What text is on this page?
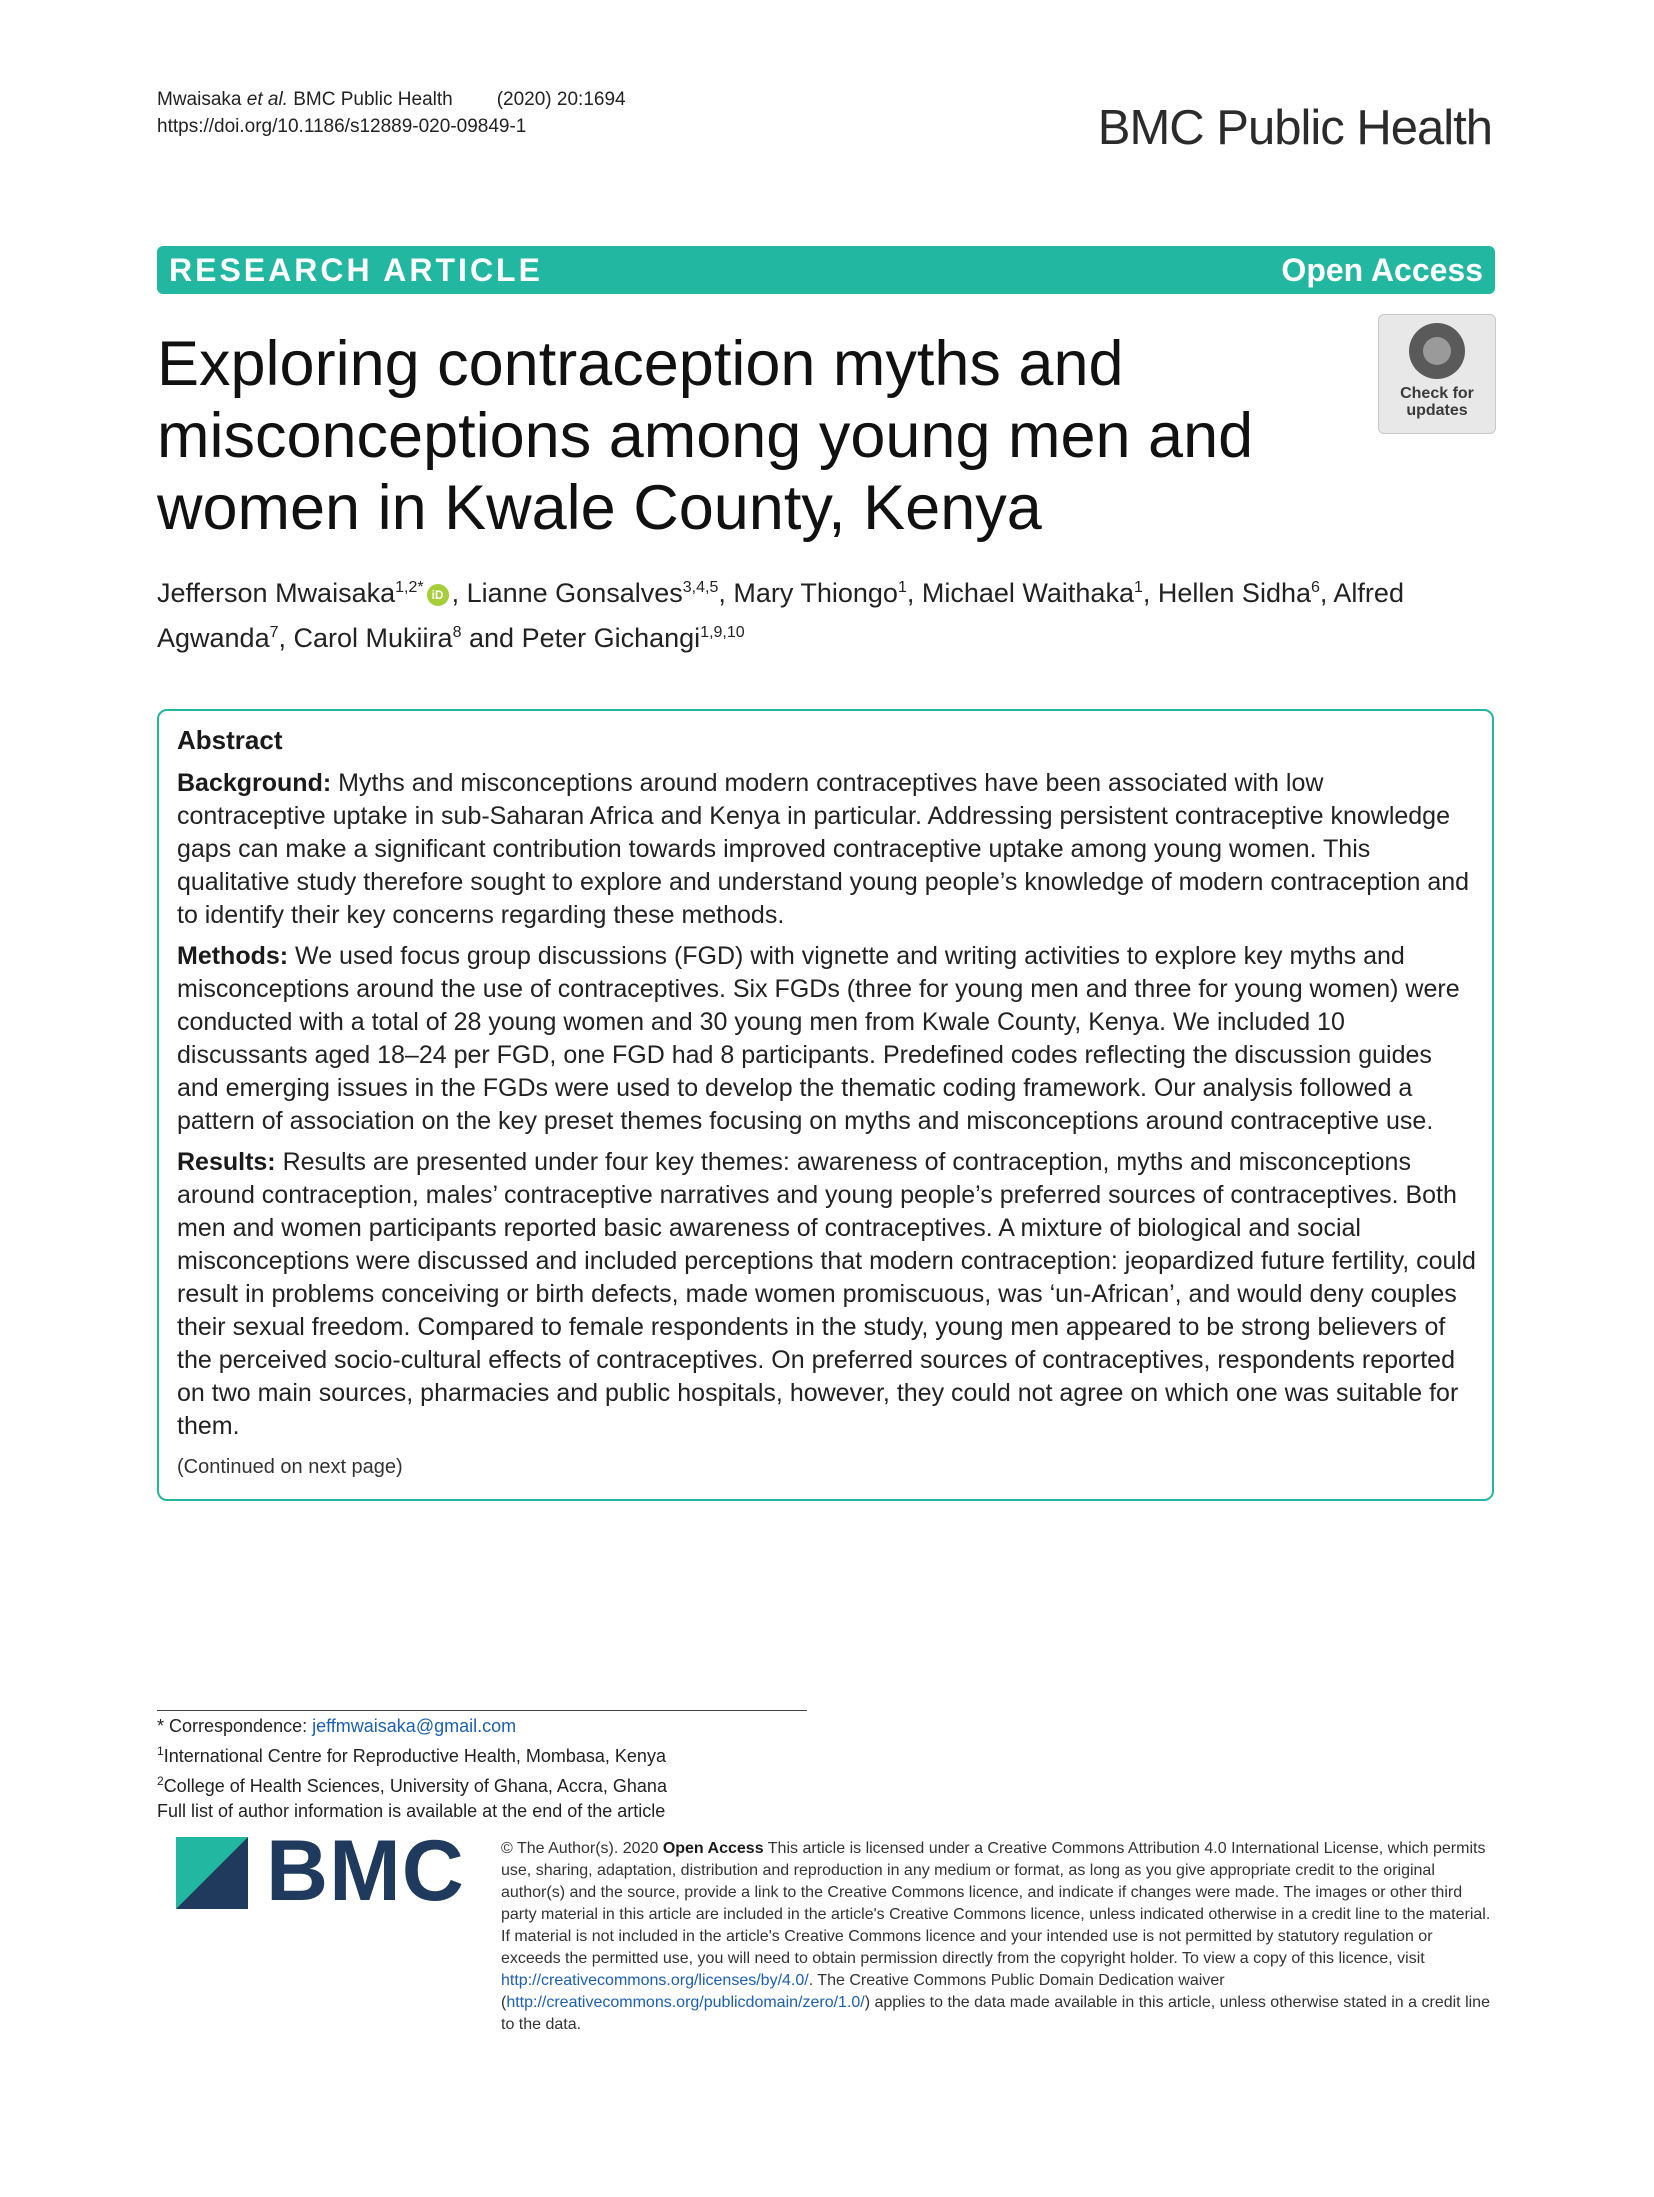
Mwaisaka et al. BMC Public Health (2020) 20:1694
https://doi.org/10.1186/s12889-020-09849-1	BMC Public Health
RESEARCH ARTICLE	Open Access
Exploring contraception myths and misconceptions among young men and women in Kwale County, Kenya
Check for
updates
Jefferson Mwaisaka$^{1,2*}$ iD , Lianne Gonsalves$^{3,4,5}$, Mary Thiongo$^1$, Michael Waithaka$^1$, Hellen Sidha$^6$, Alfred Agwanda$^7$, Carol Mukiira$^8$ and Peter Gichangi$^{1,9,10}$
Abstract

Background: Myths and misconceptions around modern contraceptives have been associated with low contraceptive uptake in sub-Saharan Africa and Kenya in particular. Addressing persistent contraceptive knowledge gaps can make a significant contribution towards improved contraceptive uptake among young women. This qualitative study therefore sought to explore and understand young people’s knowledge of modern contraception and to identify their key concerns regarding these methods.

Methods: We used focus group discussions (FGD) with vignette and writing activities to explore key myths and misconceptions around the use of contraceptives. Six FGDs (three for young men and three for young women) were conducted with a total of 28 young women and 30 young men from Kwale County, Kenya. We included 10 discussants aged 18–24 per FGD, one FGD had 8 participants. Predefined codes reflecting the discussion guides and emerging issues in the FGDs were used to develop the thematic coding framework. Our analysis followed a pattern of association on the key preset themes focusing on myths and misconceptions around contraceptive use.

Results: Results are presented under four key themes: awareness of contraception, myths and misconceptions around contraception, males’ contraceptive narratives and young people’s preferred sources of contraceptives. Both men and women participants reported basic awareness of contraceptives. A mixture of biological and social misconceptions were discussed and included perceptions that modern contraception: jeopardized future fertility, could result in problems conceiving or birth defects, made women promiscuous, was ‘un-African’, and would deny couples their sexual freedom. Compared to female respondents in the study, young men appeared to be strong believers of the perceived socio-cultural effects of contraceptives. On preferred sources of contraceptives, respondents reported on two main sources, pharmacies and public hospitals, however, they could not agree on which one was suitable for them.

(Continued on next page)
* Correspondence: jeffmwaisaka@gmail.com
$^1$International Centre for Reproductive Health, Mombasa, Kenya
$^2$College of Health Sciences, University of Ghana, Accra, Ghana
Full list of author information is available at the end of the article
BMC © The Author(s). 2020 Open Access This article is licensed under a Creative Commons Attribution 4.0 International License, which permits use, sharing, adaptation, distribution and reproduction in any medium or format, as long as you give appropriate credit to the original author(s) and the source, provide a link to the Creative Commons licence, and indicate if changes were made. The images or other third party material in this article are included in the article's Creative Commons licence, unless indicated otherwise in a credit line to the material. If material is not included in the article's Creative Commons licence and your intended use is not permitted by statutory regulation or exceeds the permitted use, you will need to obtain permission directly from the copyright holder. To view a copy of this licence, visit http://creativecommons.org/licenses/by/4.0/. The Creative Commons Public Domain Dedication waiver (http://creativecommons.org/publicdomain/zero/1.0/) applies to the data made available in this article, unless otherwise stated in a credit line to the data.
